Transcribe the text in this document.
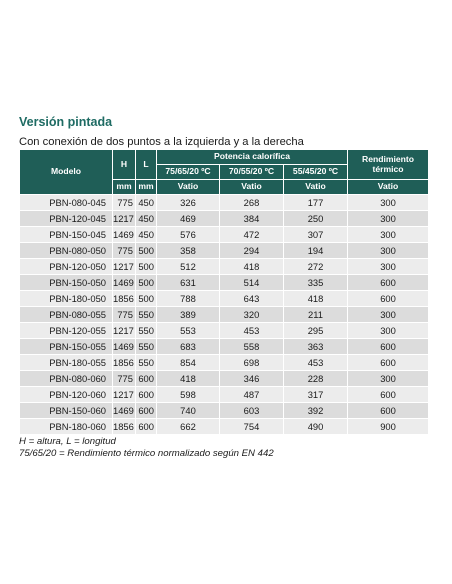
Versión pintada
Con conexión de dos puntos a la izquierda y a la derecha
Modelo	H	L	Potencia calorífica			Rendimiento térmico
			75/65/20 ºC	70/55/20 ºC	55/45/20 ºC	
	mm	mm	Vatio	Vatio	Vatio	Vatio
PBN-080-045	775	450	326	268	177	300
PBN-120-045	1217	450	469	384	250	300
PBN-150-045	1469	450	576	472	307	300
PBN-080-050	775	500	358	294	194	300
PBN-120-050	1217	500	512	418	272	300
PBN-150-050	1469	500	631	514	335	600
PBN-180-050	1856	500	788	643	418	600
PBN-080-055	775	550	389	320	211	300
PBN-120-055	1217	550	553	453	295	300
PBN-150-055	1469	550	683	558	363	600
PBN-180-055	1856	550	854	698	453	600
PBN-080-060	775	600	418	346	228	300
PBN-120-060	1217	600	598	487	317	600
PBN-150-060	1469	600	740	603	392	600
PBN-180-060	1856	600	662	754	490	900
H = altura, L = longitud
75/65/20 = Rendimiento térmico normalizado según EN 442
